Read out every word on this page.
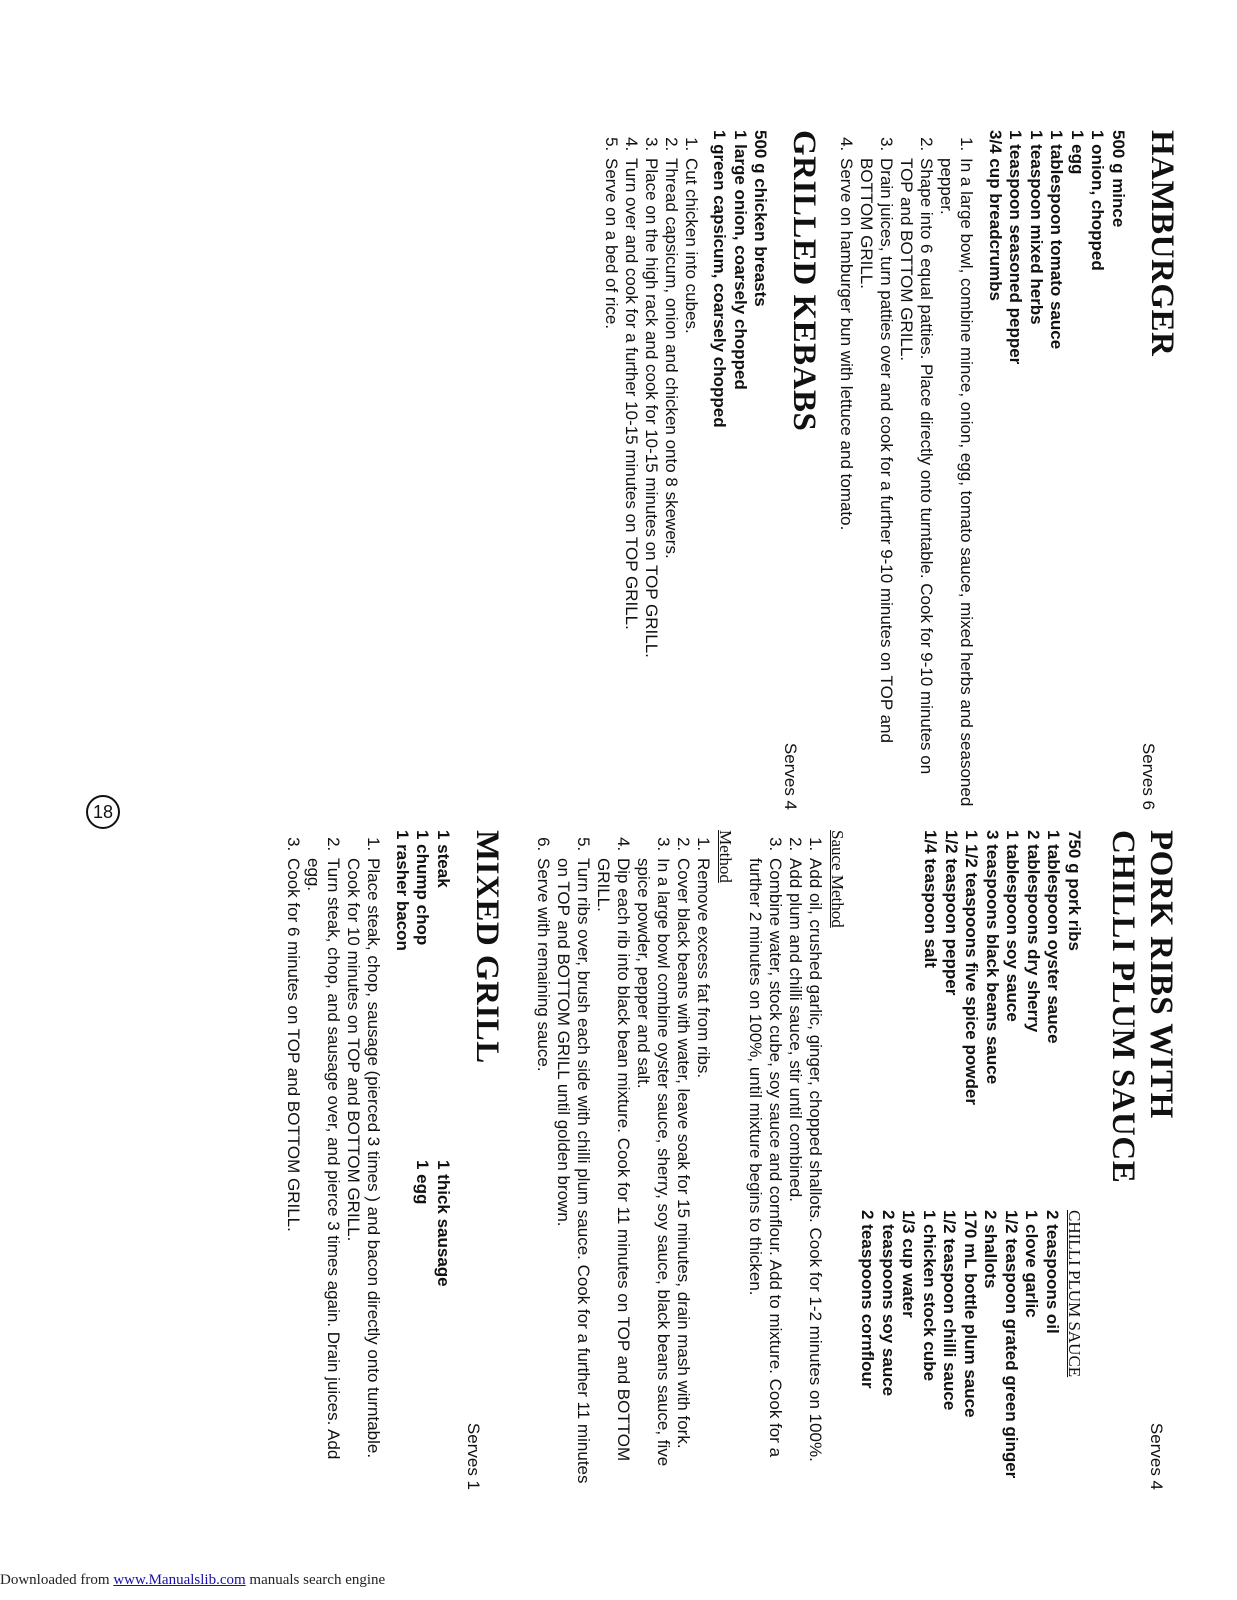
HAMBURGER
Serves 6
500 g mince
1 onion, chopped
1 egg
1 tablespoon tomato sauce
1 teaspoon mixed herbs
1 teaspoon seasoned pepper
3/4 cup breadcrumbs
1. In a large bowl, combine mince, onion, egg, tomato sauce, mixed herbs and seasoned pepper.
2. Shape into 6 equal patties. Place directly onto turntable. Cook for 9-10 minutes on TOP and BOTTOM GRILL.
3. Drain juices, turn patties over and cook for a further 9-10 minutes on TOP and BOTTOM GRILL.
4. Serve on hamburger bun with lettuce and tomato.
GRILLED KEBABS
Serves 4
500 g chicken breasts
1 large onion, coarsely chopped
1 green capsicum, coarsely chopped
1. Cut chicken into cubes.
2. Thread capsicum, onion and chicken onto 8 skewers.
3. Place on the high rack and cook for 10-15 minutes on TOP GRILL.
4. Turn over and cook for a further 10-15 minutes on TOP GRILL.
5. Serve on a bed of rice.
PORK RIBS WITH
CHILLI PLUM SAUCE
Serves 4
750 g pork ribs
1 tablespoon oyster sauce
2 tablespoons dry sherry
1 tablespoon soy sauce
3 teaspoons black beans sauce
1 1/2 teaspoons five spice powder
1/2 teaspoon pepper
1/4 teaspoon salt
CHILLI PLUM SAUCE
2 teaspoons oil
1 clove garlic
1/2 teaspoon grated green ginger
2 shallots
170 mL bottle plum sauce
1/2 teaspoon chilli sauce
1 chicken stock cube
1/3 cup water
2 teaspoons soy sauce
2 teaspoons cornflour
Sauce Method
1. Add oil, crushed garlic, ginger, chopped shallots. Cook for 1-2 minutes on 100%.
2. Add plum and chilli sauce, stir until combined.
3. Combine water, stock cube, soy sauce and cornflour. Add to mixture. Cook for a further 2 minutes on 100%, until mixture begins to thicken.
Method
1. Remove excess fat from ribs.
2. Cover black beans with water, leave soak for 15 minutes, drain mash with fork.
3. In a large bowl combine oyster sauce, sherry, soy sauce, black beans sauce, five spice powder, pepper and salt.
4. Dip each rib into black bean mixture. Cook for 11 minutes on TOP and BOTTOM GRILL.
5. Turn ribs over, brush each side with chilli plum sauce. Cook for a further 11 minutes on TOP and BOTTOM GRILL until golden brown.
6. Serve with remaining sauce.
MIXED GRILL
Serves 1
1 steak
1 chump chop
1 rasher bacon
1 thick sausage
1 egg
1. Place steak, chop, sausage (pierced 3 times ) and bacon directly onto turntable. Cook for 10 minutes on TOP and BOTTOM GRILL.
2. Turn steak, chop, and sausage over, and pierce 3 times again. Drain juices. Add egg.
3. Cook for 6 minutes on TOP and BOTTOM GRILL.
18
Downloaded from www.Manualslib.com manuals search engine
